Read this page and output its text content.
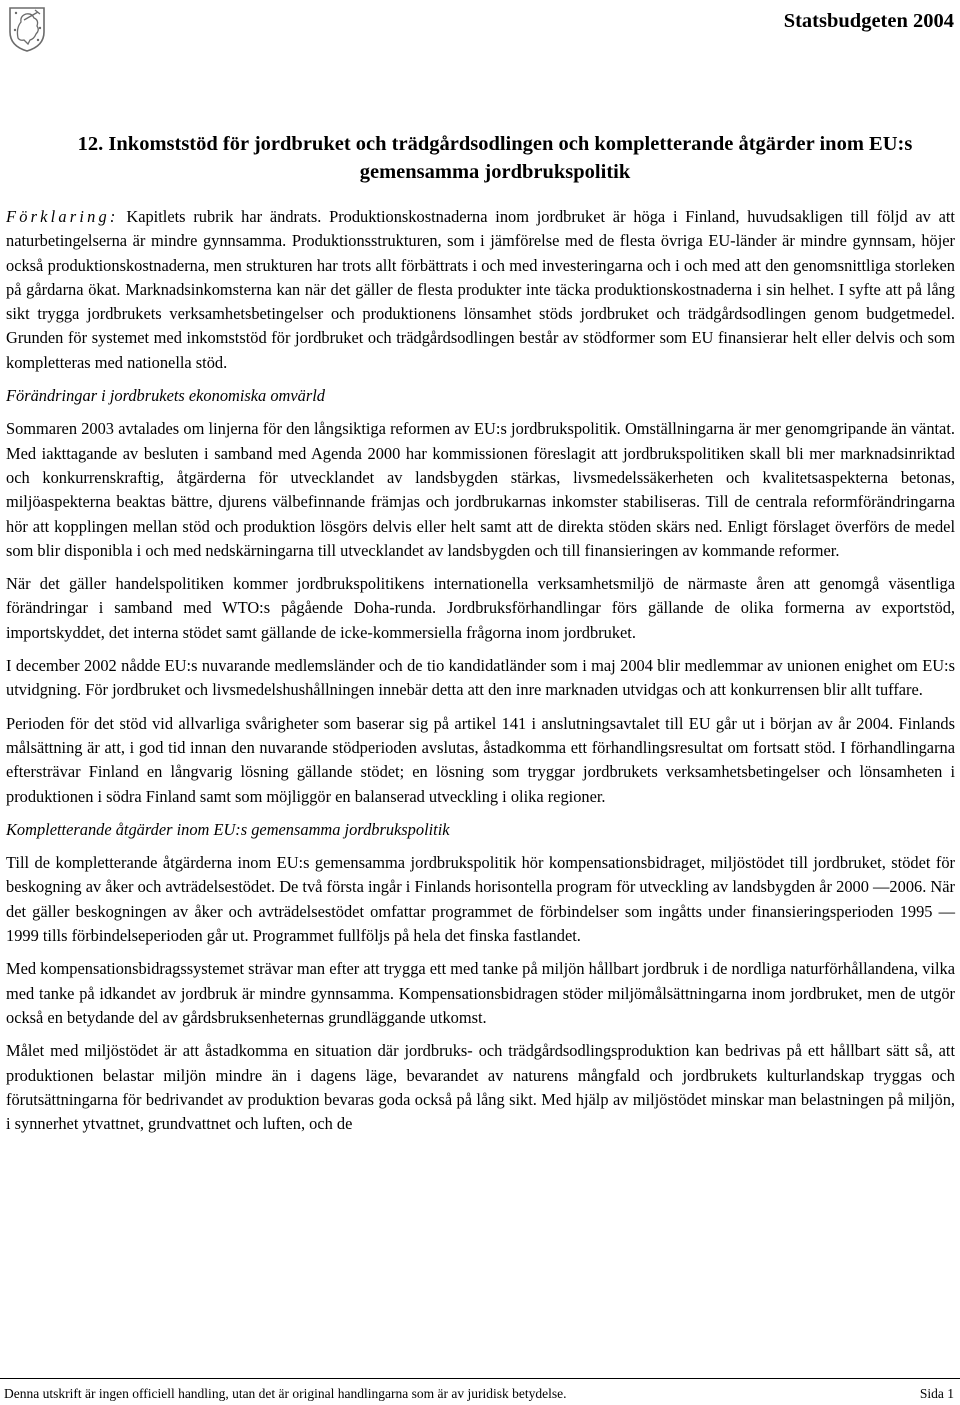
Statsbudgeten 2004
12. Inkomststöd för jordbruket och trädgårdsodlingen och kompletterande åtgärder inom EU:s
gemensamma jordbrukspolitik

Förklaring: Kapitlets rubrik har ändrats. Produktionskostnaderna inom jordbruket är höga i Finland, huvudsakligen till följd av att naturbetingelserna är mindre gynnsamma. Produktionsstrukturen, som i jämförelse med de flesta övriga EU-länder är mindre gynnsam, höjer också produktionskostnaderna, men strukturen har trots allt förbättrats i och med investeringarna och i och med att den genomsnittliga storleken på gårdarna ökat. Marknadsinkomsterna kan när det gäller de flesta produkter inte täcka produktionskostnaderna i sin helhet. I syfte att på lång sikt trygga jordbrukets verksamhetsbetingelser och produktionens lönsamhet stöds jordbruket och trädgårdsodlingen genom budgetmedel. Grunden för systemet med inkomststöd för jordbruket och trädgårdsodlingen består av stödformer som EU finansierar helt eller delvis och som kompletteras med nationella stöd.

Förändringar i jordbrukets ekonomiska omvärld

Sommaren 2003 avtalades om linjerna för den långsiktiga reformen av EU:s jordbrukspolitik. Omställningarna är mer genomgripande än väntat. Med iakttagande av besluten i samband med Agenda 2000 har kommissionen föreslagit att jordbrukspolitiken skall bli mer marknadsinriktad och konkurrenskraftig, åtgärderna för utvecklandet av landsbygden stärkas, livsmedelssäkerheten och kvalitetsaspekterna betonas, miljöaspekterna beaktas bättre, djurens välbefinnande främjas och jordbrukarnas inkomster stabiliseras. Till de centrala reformförändringarna hör att kopplingen mellan stöd och produktion lösgörs delvis eller helt samt att de direkta stöden skärs ned. Enligt förslaget överförs de medel som blir disponibla i och med nedskärningarna till utvecklandet av landsbygden och till finansieringen av kommande reformer.

När det gäller handelspolitiken kommer jordbrukspolitikens internationella verksamhetsmiljö de närmaste åren att genomgå väsentliga förändringar i samband med WTO:s pågående Doha-runda. Jordbruksförhandlingar förs gällande de olika formerna av exportstöd, importskyddet, det interna stödet samt gällande de icke-kommersiella frågorna inom jordbruket.

I december 2002 nådde EU:s nuvarande medlemsländer och de tio kandidatländer som i maj 2004 blir medlemmar av unionen enighet om EU:s utvidgning. För jordbruket och livsmedelshushållningen innebär detta att den inre marknaden utvidgas och att konkurrensen blir allt tuffare.

Perioden för det stöd vid allvarliga svårigheter som baserar sig på artikel 141 i anslutningsavtalet till EU går ut i början av år 2004. Finlands målsättning är att, i god tid innan den nuvarande stödperioden avslutas, åstadkomma ett förhandlingsresultat om fortsatt stöd. I förhandlingarna eftersträvar Finland en långvarig lösning gällande stödet; en lösning som tryggar jordbrukets verksamhetsbetingelser och lönsamheten i produktionen i södra Finland samt som möjliggör en balanserad utveckling i olika regioner.

Kompletterande åtgärder inom EU:s gemensamma jordbrukspolitik

Till de kompletterande åtgärderna inom EU:s gemensamma jordbrukspolitik hör kompensationsbidraget, miljöstödet till jordbruket, stödet för beskogning av åker och avträdelsestödet. De två första ingår i Finlands horisontella program för utveckling av landsbygden år 2000 —2006. När det gäller beskogningen av åker och avträdelsestödet omfattar programmet de förbindelser som ingåtts under finansieringsperioden 1995 —1999 tills förbindelseperioden går ut. Programmet fullföljs på hela det finska fastlandet.

Med kompensationsbidragssystemet strävar man efter att trygga ett med tanke på miljön hållbart jordbruk i de nordliga naturförhållandena, vilka med tanke på idkandet av jordbruk är mindre gynnsamma. Kompensationsbidragen stöder miljömålsättningarna inom jordbruket, men de utgör också en betydande del av gårdsbruksenheternas grundläggande utkomst.

Målet med miljöstödet är att åstadkomma en situation där jordbruks- och trädgårdsodlingsproduktion kan bedrivas på ett hållbart sätt så, att produktionen belastar miljön mindre än i dagens läge, bevarandet av naturens mångfald och jordbrukets kulturlandskap tryggas och förutsättningarna för bedrivandet av produktion bevaras goda också på lång sikt. Med hjälp av miljöstödet minskar man belastningen på miljön, i synnerhet ytvattnet, grundvattnet och luften, och de

Denna utskrift är ingen officiell handling, utan det är original handlingarna som är av juridisk betydelse.	Sida 1
